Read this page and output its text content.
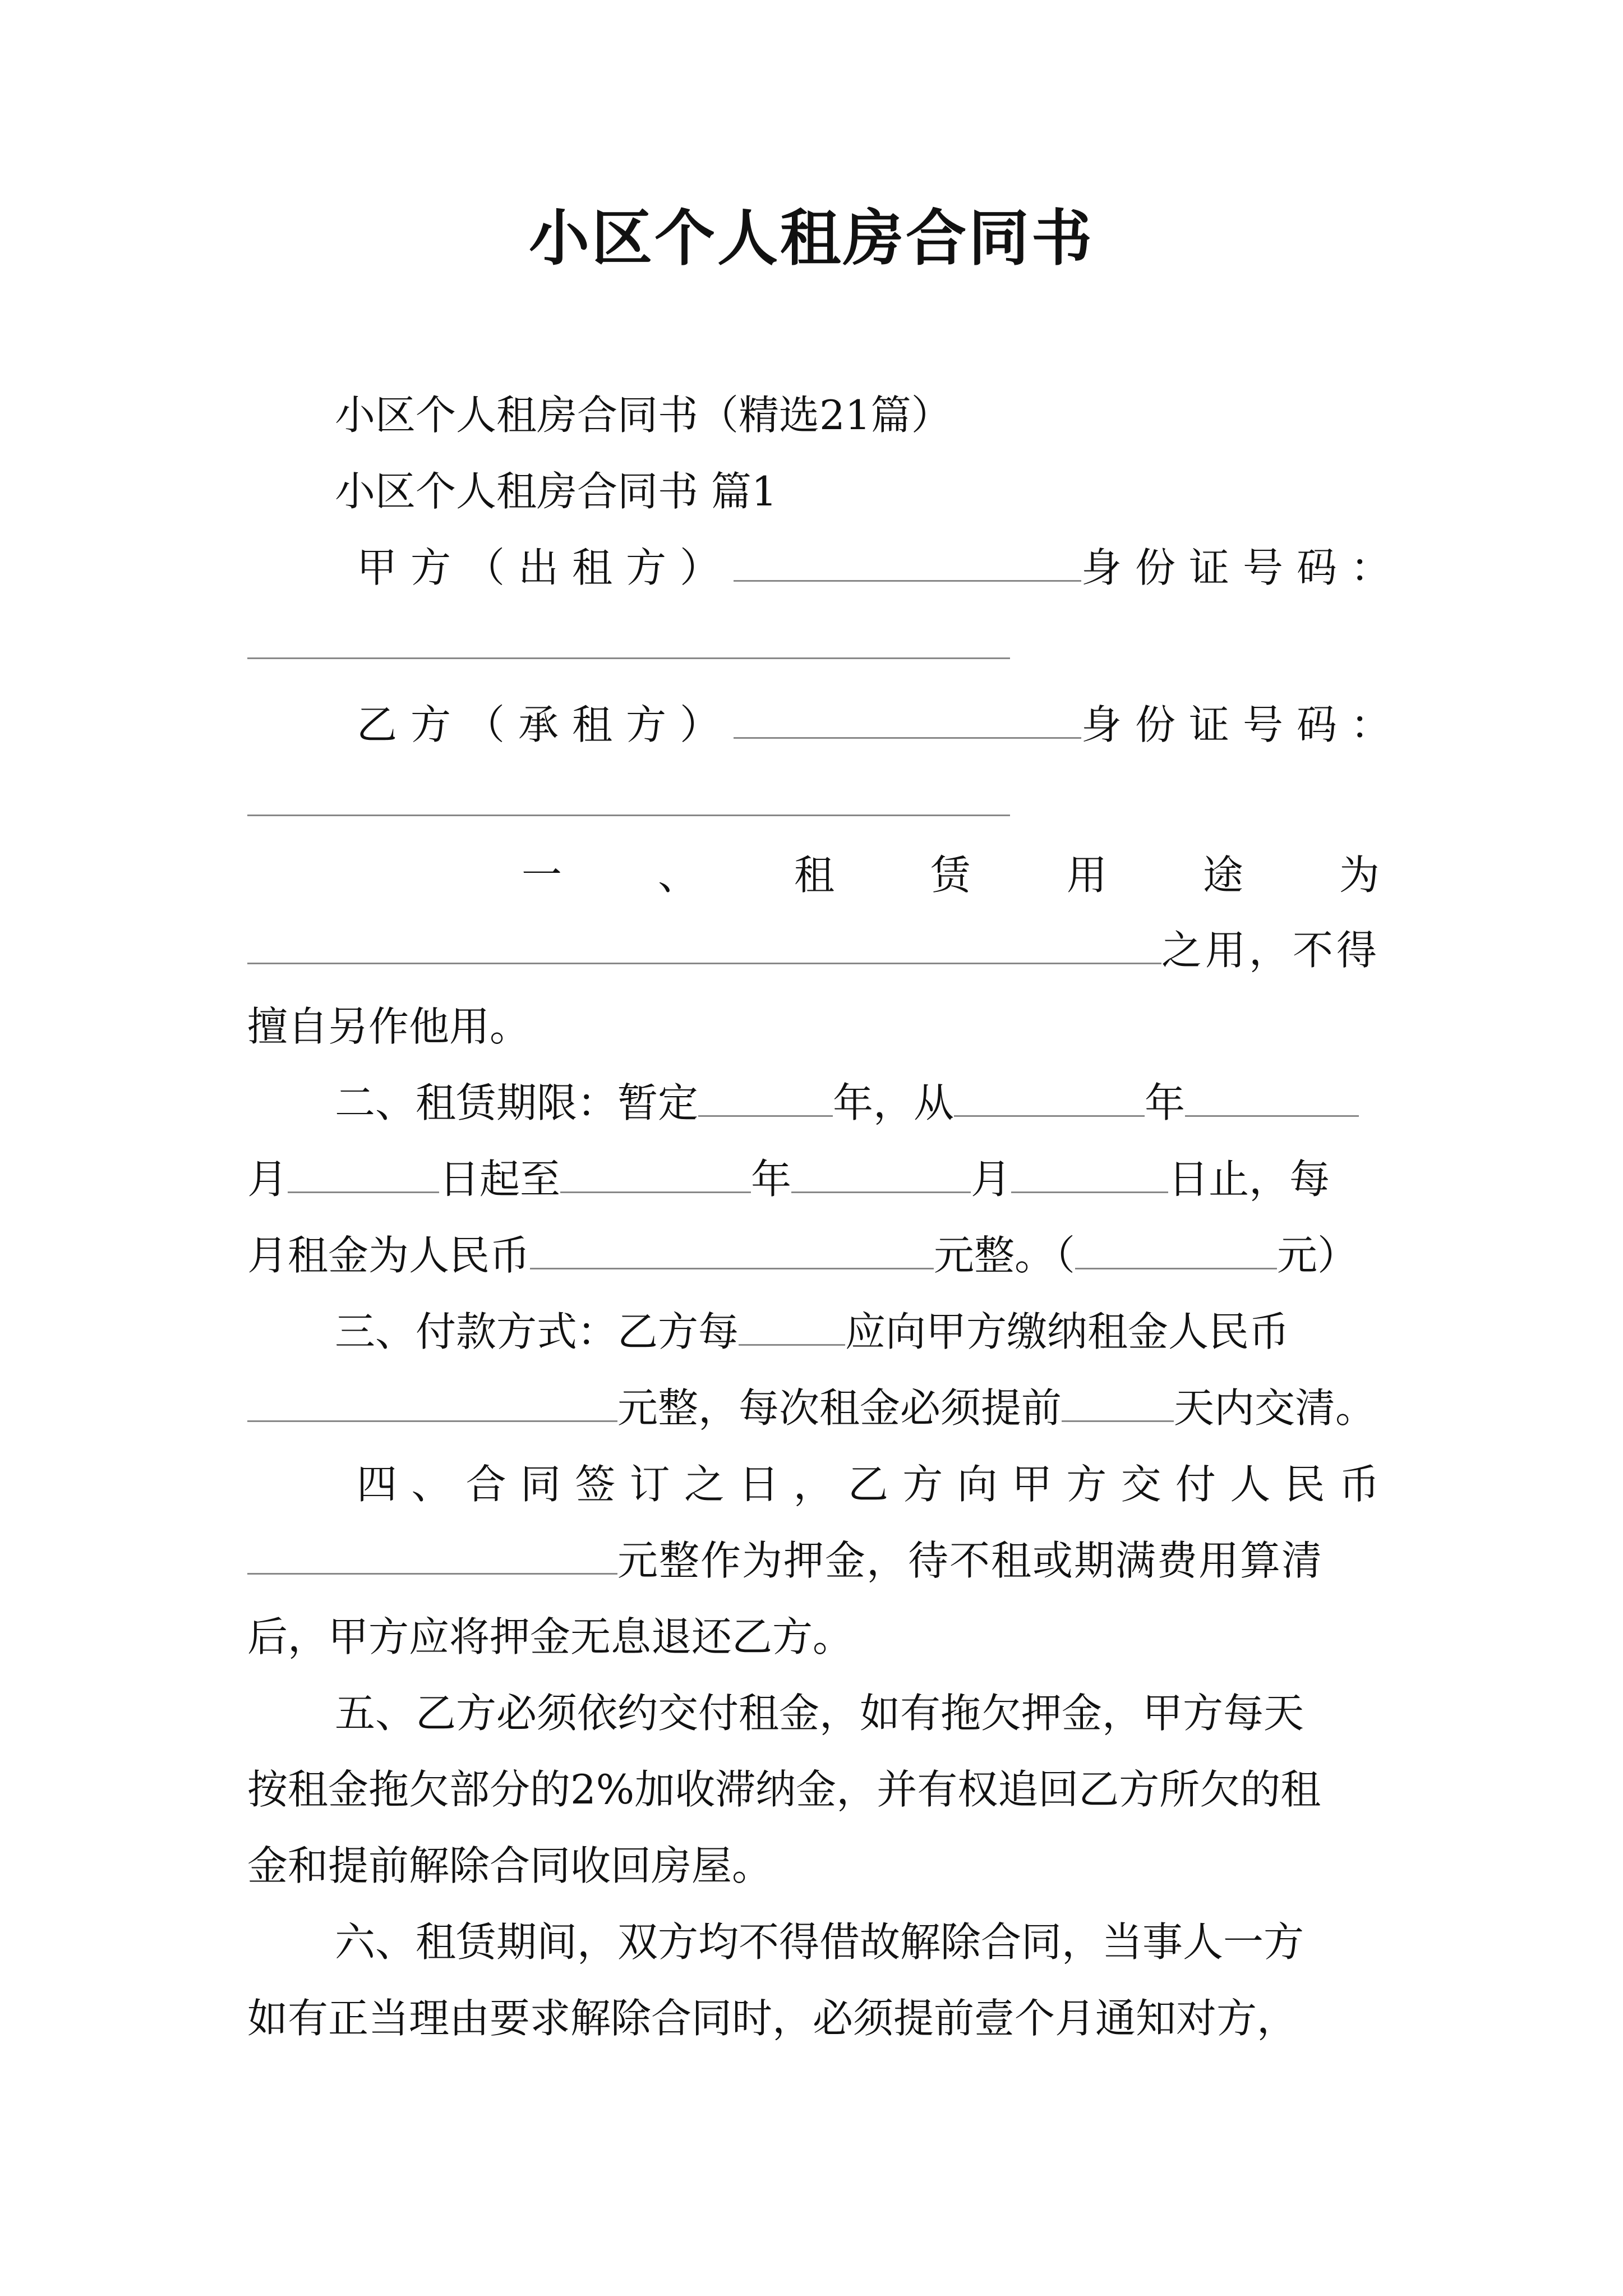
小区个人租房合同书
小区个人租房合同书（精选21篇）
小区个人租房合同书 篇1
甲方（出租方）	身份证号码：
乙方（承租方）	身份证号码：
一 、 租 赁 用 途 为
之用，不得
擅自另作他用。
二、租赁期限：暂定	年，从	年
月	日起至	年	月	日止，每
月租金为人民币	元整。（	元）
三、付款方式：乙方每	应向甲方缴纳租金人民币
元整，每次租金必须提前	天内交清。
四 、 合 同 签 订 之 日 ， 乙 方 向 甲 方 交 付 人 民 币
元整作为押金，待不租或期满费用算清
后，甲方应将押金无息退还乙方。
五、乙方必须依约交付租金，如有拖欠押金，甲方每天
按租金拖欠部分的2%加收滞纳金，并有权追回乙方所欠的租
金和提前解除合同收回房屋。
六、租赁期间，双方均不得借故解除合同，当事人一方
如有正当理由要求解除合同时，必须提前壹个月通知对方，
